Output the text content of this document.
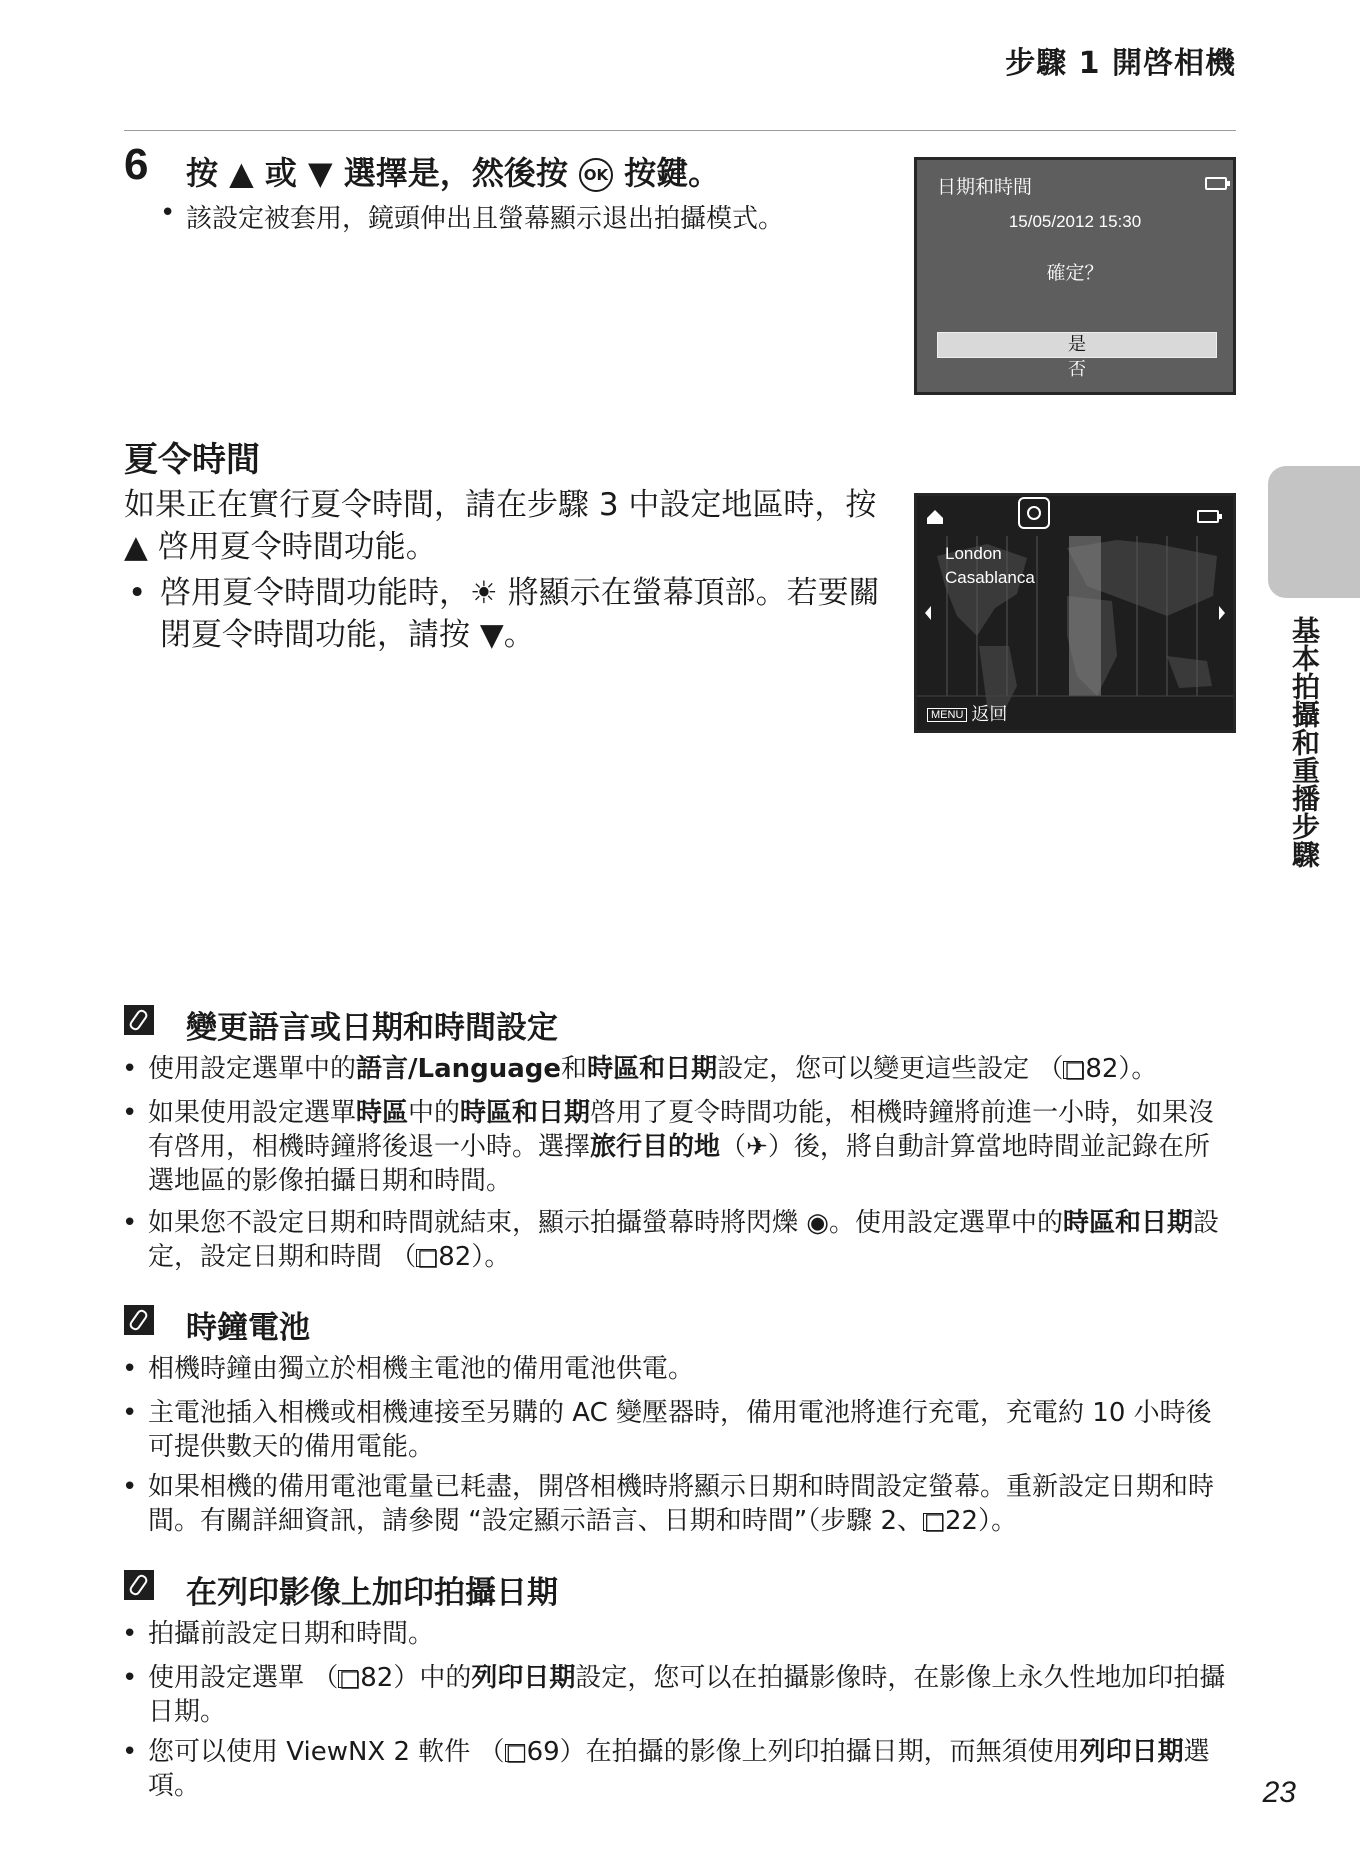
步驟 1 開啓相機
6 按 ▲ 或 ▼ 選擇是，然後按 OK 按鍵。
• 該設定被套用，鏡頭伸出且螢幕顯示退出拍攝模式。
日期和時間
15/05/2012 15:30
確定？
是
否
夏令時間
如果正在實行夏令時間，請在步驟 3 中設定地區時，按 ▲ 啓用夏令時間功能。
• 啓用夏令時間功能時，☀ 將顯示在螢幕頂部。若要關閉夏令時間功能，請按 ▼。
London
Casablanca
MENU 返回	基本拍攝和重播步驟
變更語言或日期和時間設定
• 使用設定選單中的語言/Language和時區和日期設定，您可以變更這些設定 （□82）。
• 如果使用設定選單時區中的時區和日期啓用了夏令時間功能，相機時鐘將前進一小時，如果沒有啓用，相機時鐘將後退一小時。選擇旅行目的地（✈）後，將自動計算當地時間並記錄在所選地區的影像拍攝日期和時間。
• 如果您不設定日期和時間就結束，顯示拍攝螢幕時將閃爍 ◉。使用設定選單中的時區和日期設定，設定日期和時間 （□82）。
時鐘電池
• 相機時鐘由獨立於相機主電池的備用電池供電。
• 主電池插入相機或相機連接至另購的 AC 變壓器時，備用電池將進行充電，充電約 10 小時後可提供數天的備用電能。
• 如果相機的備用電池電量已耗盡，開啓相機時將顯示日期和時間設定螢幕。重新設定日期和時間。有關詳細資訊，請參閱 “設定顯示語言、日期和時間”（步驟 2、□22）。
在列印影像上加印拍攝日期
• 拍攝前設定日期和時間。
• 使用設定選單 （□82）中的列印日期設定，您可以在拍攝影像時，在影像上永久性地加印拍攝日期。
• 您可以使用 ViewNX 2 軟件 （□69）在拍攝的影像上列印拍攝日期，而無須使用列印日期選項。	23
